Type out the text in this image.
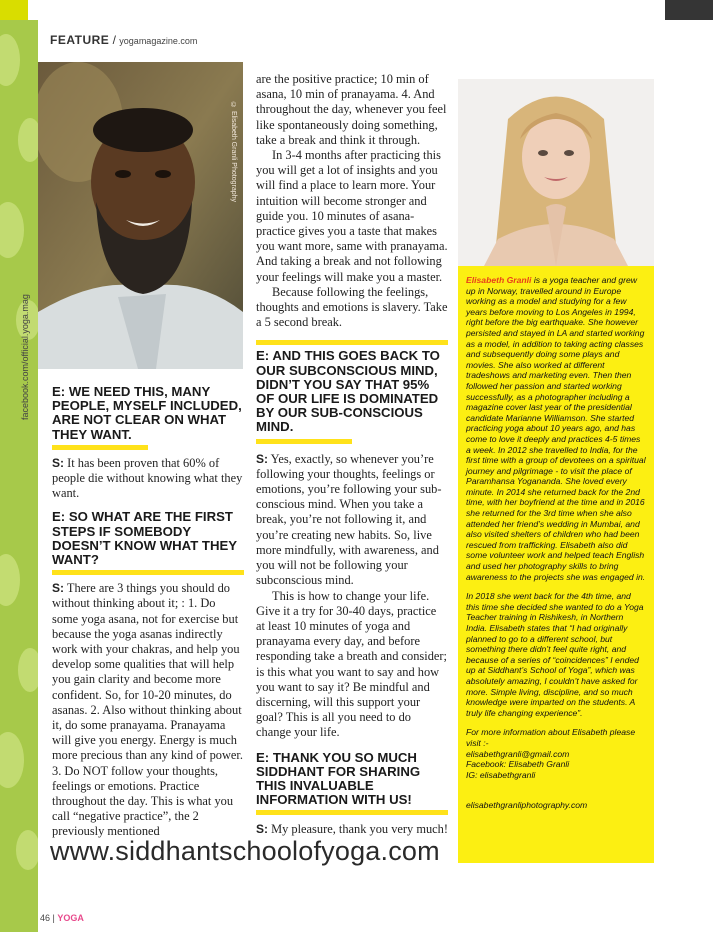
facebook.com/official.yoga.mag
FEATURE / yogamagazine.com
© Elisabeth Granli Photography

E: WE NEED THIS, MANY PEOPLE, MYSELF INCLUDED, ARE NOT CLEAR ON WHAT THEY WANT.

S: It has been proven that 60% of people die without knowing what they want.

E: SO WHAT ARE THE FIRST STEPS IF SOMEBODY DOESN’T KNOW WHAT THEY WANT?

S: There are 3 things you should do without thinking about it; : 1. Do some yoga asana, not for exercise but because the yoga asanas indirectly work with your chakras, and help you develop some qualities that will help you gain clarity and become more confident. So, for 10-20 minutes, do asanas. 2. Also without thinking about it, do some pranayama. Pranayama will give you energy. Energy is much more precious than any kind of power. 3. Do NOT follow your thoughts, feelings or emotions. Practice throughout the day. This is what you call “negative practice”, the 2 previously mentioned

are the positive practice; 10 min of asana, 10 min of pranayama. 4. And throughout the day, whenever you feel like spontaneously doing something, take a break and think it through.

In 3-4 months after practicing this you will get a lot of insights and you will find a place to learn more. Your intuition will become stronger and guide you. 10 minutes of asana-practice gives you a taste that makes you want more, same with pranayama. And taking a break and not following your feelings will make you a master.

Because following the feelings, thoughts and emotions is slavery. Take a 5 second break.

E: AND THIS GOES BACK TO OUR SUBCONSCIOUS MIND, DIDN’T YOU SAY THAT 95% OF OUR LIFE IS DOMINATED BY OUR SUB-CONSCIOUS MIND.

S: Yes, exactly, so whenever you’re following your thoughts, feelings or emotions, you’re following your sub- conscious mind. When you take a break, you’re not following it, and you’re creating new habits. So, live more mindfully, with awareness, and you will not be following your subconscious mind.

This is how to change your life. Give it a try for 30-40 days, practice at least 10 minutes of yoga and pranayama every day, and before responding take a breath and consider; is this what you want to say and how you want to say it? Be mindful and discerning, will this support your goal? This is all you need to do change your life.

E: THANK YOU SO MUCH SIDDHANT FOR SHARING THIS INVALUABLE INFORMATION WITH US!

S: My pleasure, thank you very much!

Elisabeth Granli is a yoga teacher and grew up in Norway, travelled around in Europe working as a model and studying for a few years before moving to Los Angeles in 1994, right before the big earthquake. She however persisted and stayed in LA and started working as a model, in addition to taking acting classes and subsequently doing some plays and movies. She also worked at different tradeshows and marketing even. Then then followed her passion and started working successfully, as a photographer including a magazine cover last year of the presidential candidate Marianne Williamson. She started practicing yoga about 10 years ago, and has come to love it deeply and practices 4-5 times a week. In 2012 she travelled to India, for the first time with a group of devotees on a spiritual journey and pilgrimage - to visit the place of Paramhansa Yogananda. She loved every minute. In 2014 she returned back for the 2nd time, with her boyfriend at the time and in 2016 she returned for the 3rd time when she also attended her friend’s wedding in Mumbai, and also visited shelters of children who had been rescued from trafficking. Elisabeth also did some volunteer work and helped teach English and used her photography skills to bring awareness to the projects she was engaged in.

In 2018 she went back for the 4th time, and this time she decided she wanted to do a Yoga Teacher training in Rishikesh, in Northern India. Elisabeth states that “I had originally planned to go to a different school, but something there didn’t feel quite right, and because of a series of “coincidences” I ended up at Siddhant’s School of Yoga”, which was absolutely amazing, I couldn’t have asked for more. Simple living, discipline, and so much knowledge were imparted on the students. A truly life changing experience”.

For more information about Elisabeth please visit :-
elisabethgranli@gmail.com
Facebook: Elisabeth Granli
IG: elisabethgranli

elisabethgranliphotography.com

www.siddhantschoolofyoga.com
46 | YOGA
